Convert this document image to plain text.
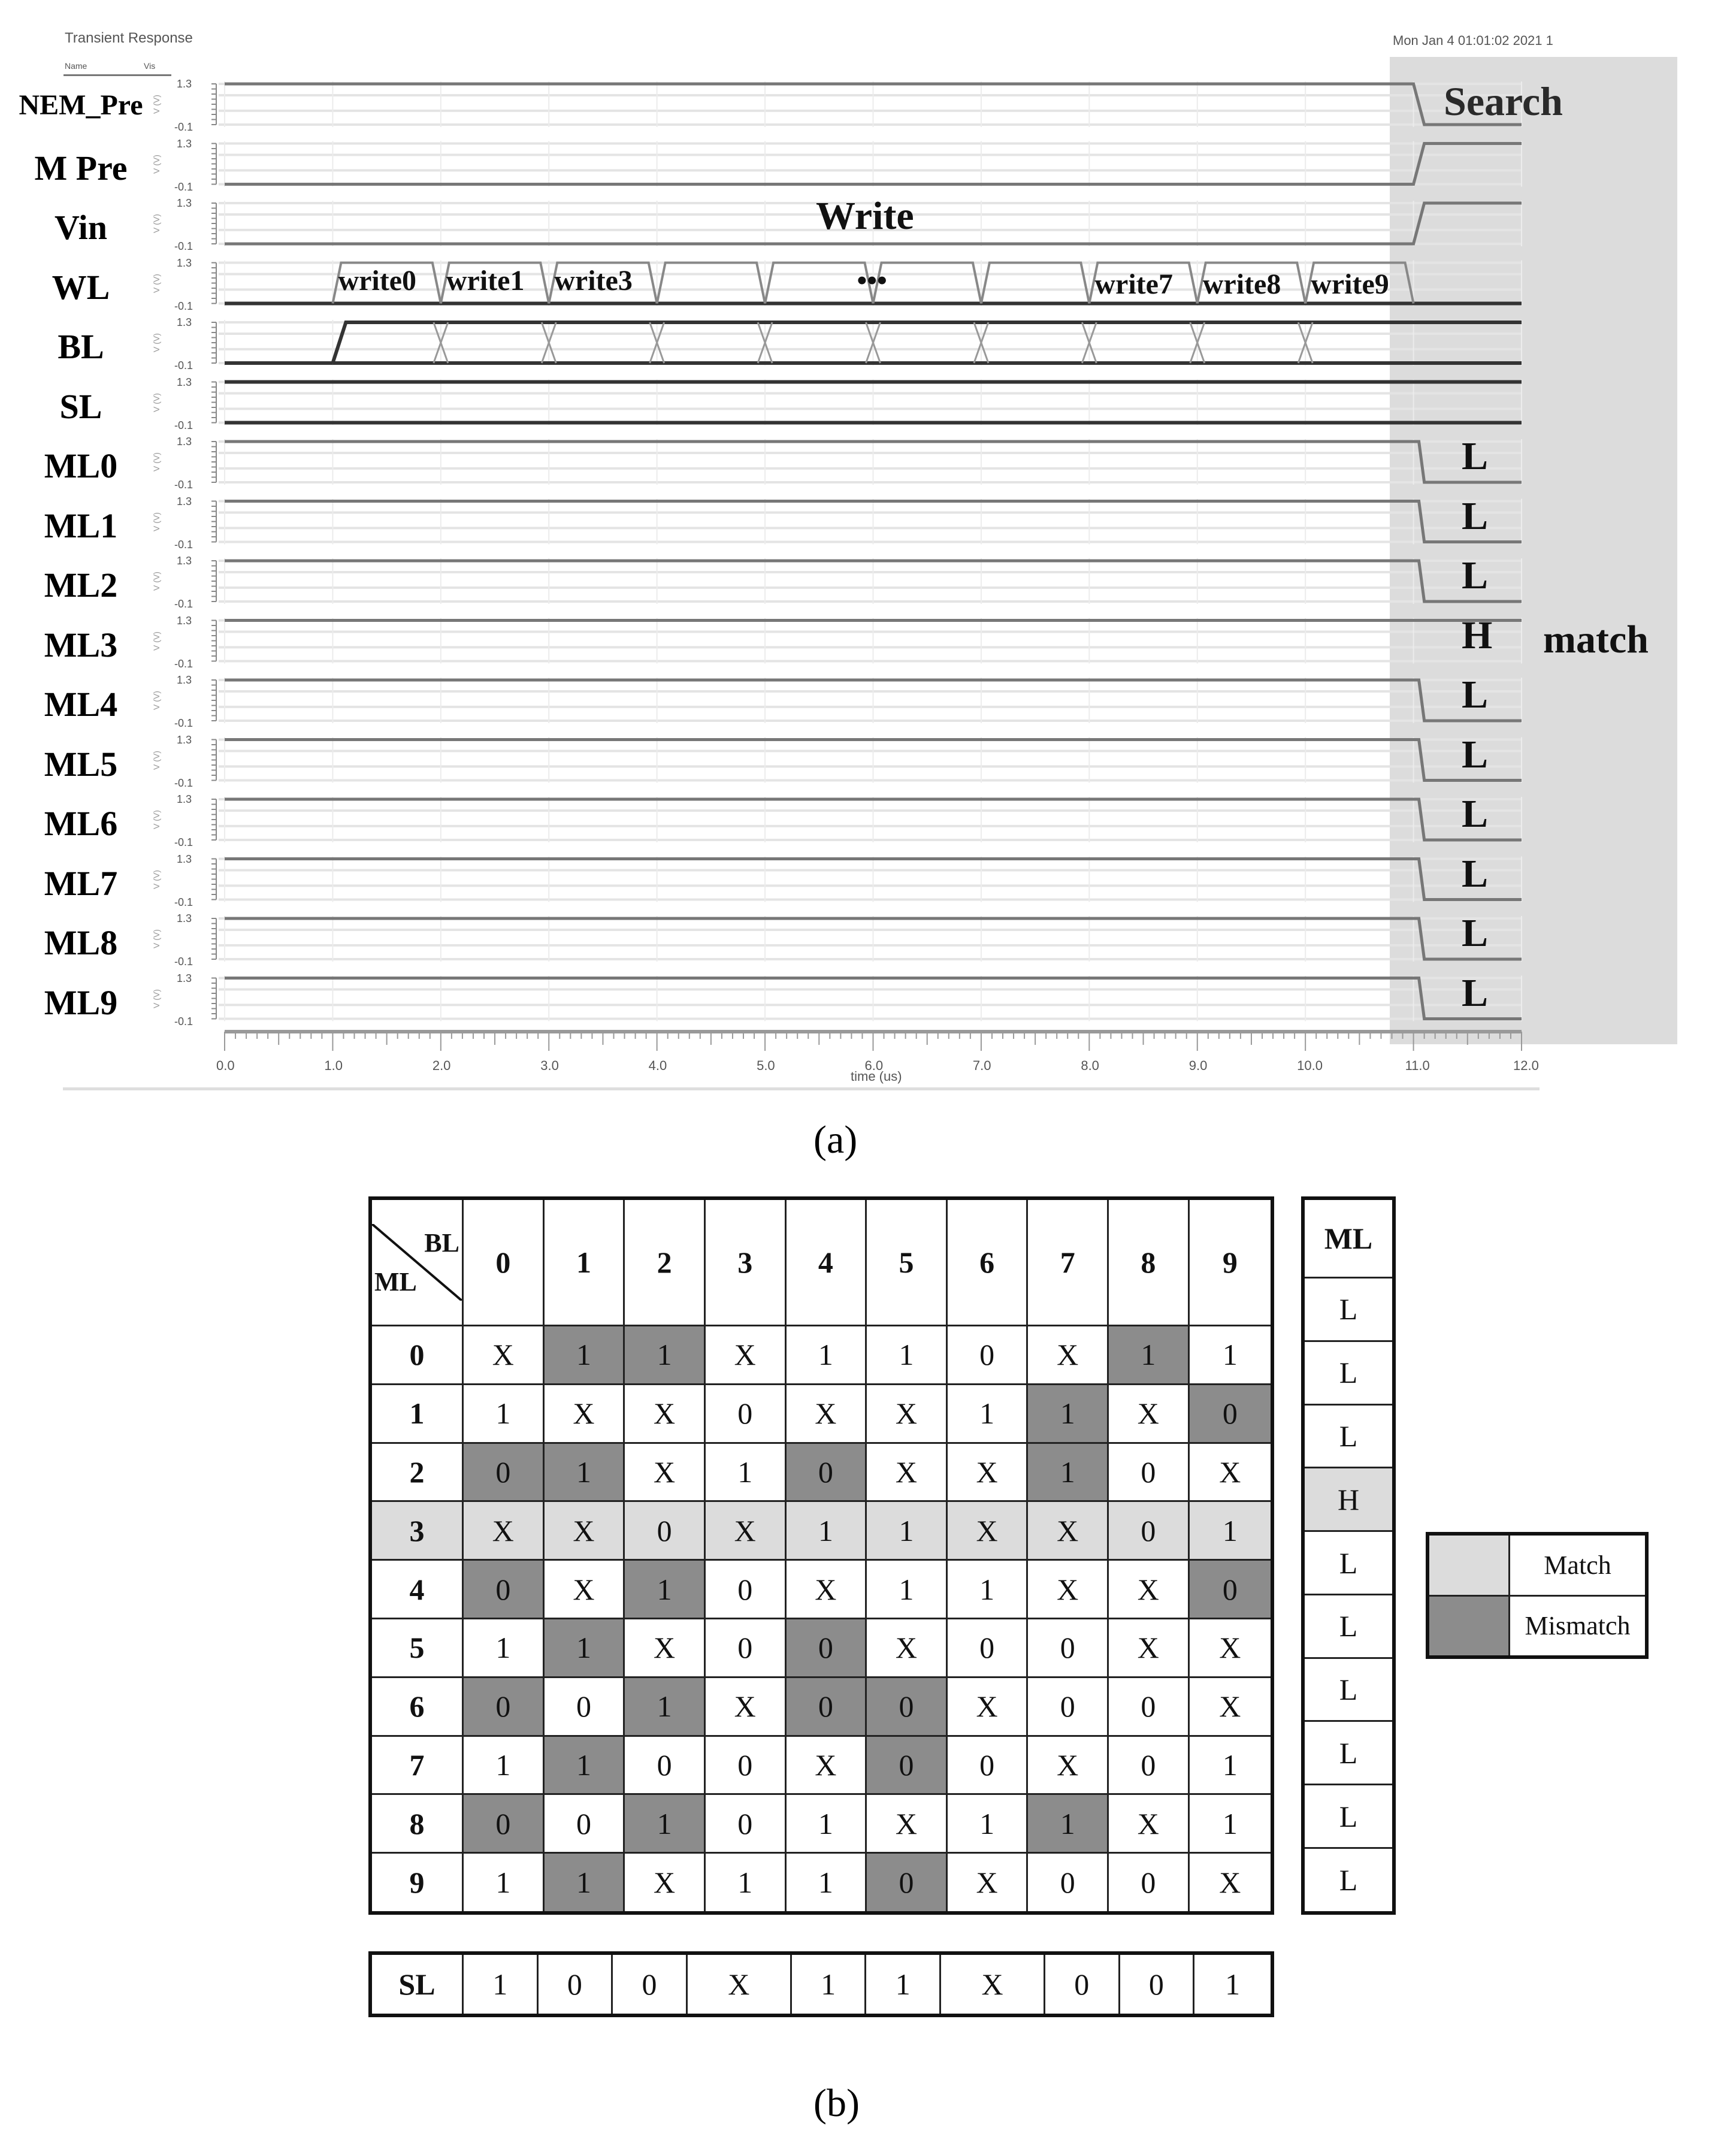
Transient Response
Name	Vis
Mon Jan 4 01:01:02 2021 1
NEM_Pre
1.3
-0.1
V (V)
M Pre
1.3
-0.1
V (V)
Vin
1.3
-0.1
V (V)
WL
1.3
-0.1
V (V)
BL
1.3
-0.1
V (V)
SL
1.3
-0.1
V (V)
ML0
1.3
-0.1
V (V)
ML1
1.3
-0.1
V (V)
ML2
1.3
-0.1
V (V)
ML3
1.3
-0.1
V (V)
ML4
1.3
-0.1
V (V)
ML5
1.3
-0.1
V (V)
ML6
1.3
-0.1
V (V)
ML7
1.3
-0.1
V (V)
ML8
1.3
-0.1
V (V)
ML9
1.3
-0.1
V (V)
Write
Search
match
L
L
L
H
L
L
L
L
L
L
write0 write1 write3	•••	write7 write8 write9
0.0	1.0	2.0	3.0	4.0	5.0	6.0	7.0	8.0	9.0	10.0	11.0	12.0
time (us)
(a)
BL
ML	0	1	2	3	4	5	6	7	8	9
0	X	1	1	X	1	1	0	X	1	1
1	1	X	X	0	X	X	1	1	X	0
2	0	1	X	1	0	X	X	1	0	X
3	X	X	0	X	1	1	X	X	0	1
4	0	X	1	0	X	1	1	X	X	0
5	1	1	X	0	0	X	0	0	X	X
6	0	0	1	X	0	0	X	0	0	X
7	1	1	0	0	X	0	0	X	0	1
8	0	0	1	0	1	X	1	1	X	1
9	1	1	X	1	1	0	X	0	0	X
ML
L
L
L
H
L
L
L
L
L
L
	Match
	Mismatch
SL	1	0	0	X	1	1	X	0	0	1
(b)
